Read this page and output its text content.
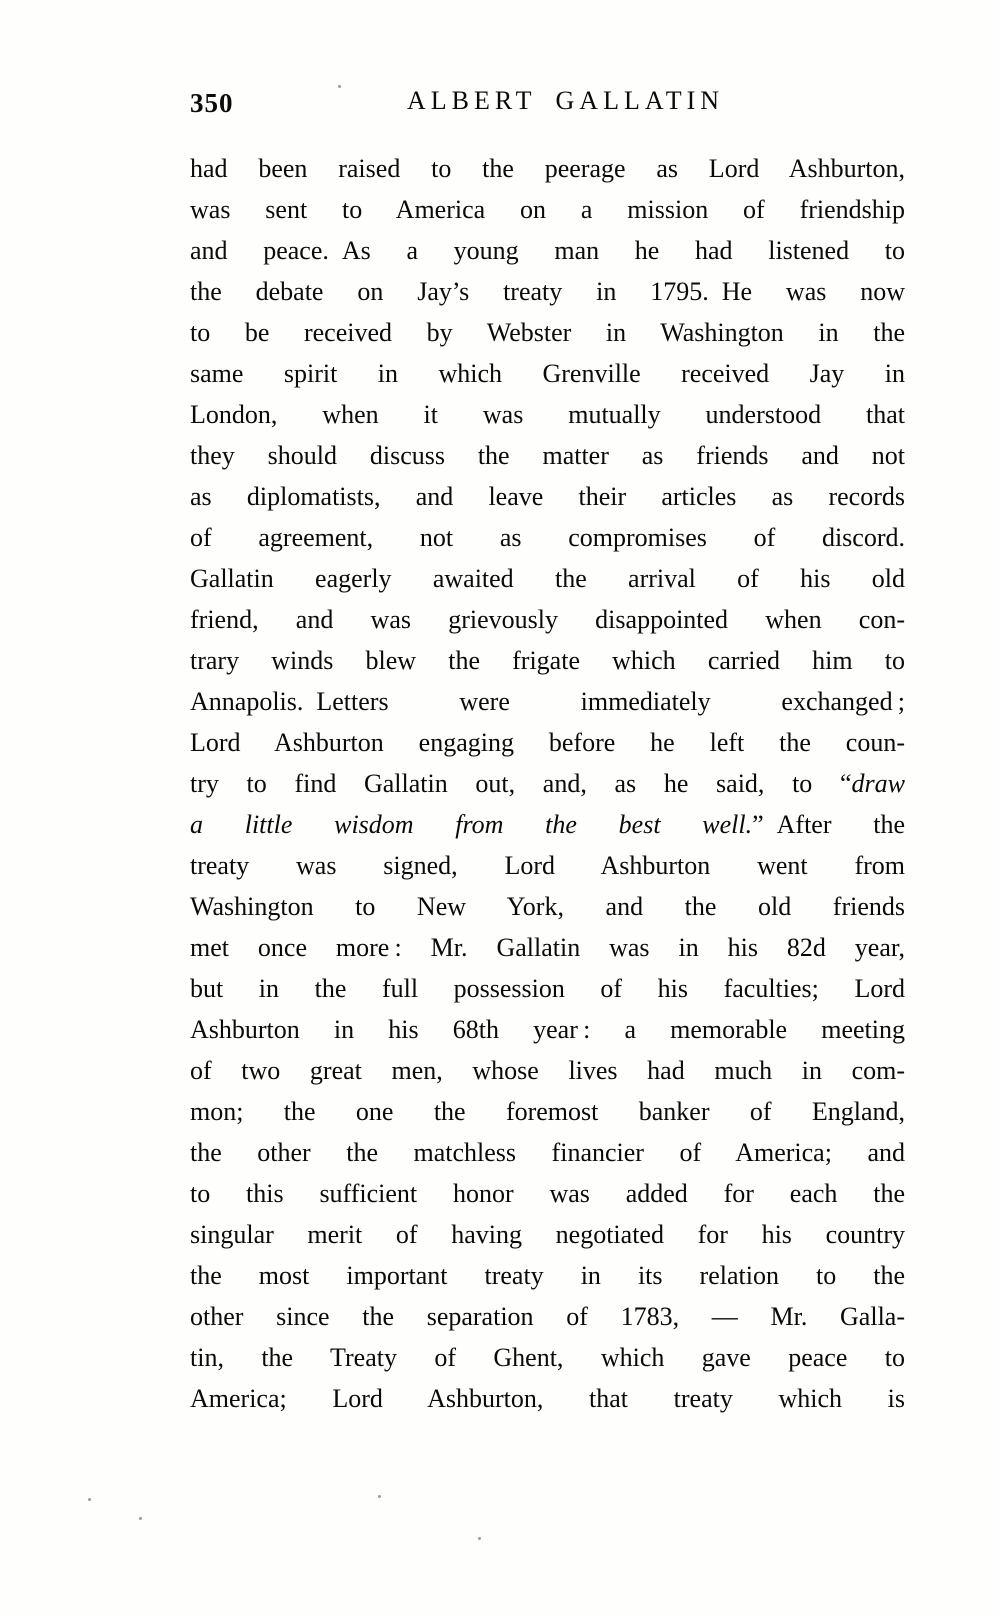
350	ALBERT GALLATIN
had been raised to the peerage as Lord Ashburton,
was sent to America on a mission of friendship
and peace. As a young man he had listened to
the debate on Jay’s treaty in 1795. He was now
to be received by Webster in Washington in the
same spirit in which Grenville received Jay in
London, when it was mutually understood that
they should discuss the matter as friends and not
as diplomatists, and leave their articles as records
of agreement, not as compromises of discord.
Gallatin eagerly awaited the arrival of his old
friend, and was grievously disappointed when con-
trary winds blew the frigate which carried him to
Annapolis. Letters were immediately exchanged ;
Lord Ashburton engaging before he left the coun-
try to find Gallatin out, and, as he said, to “draw
a little wisdom from the best well.” After the
treaty was signed, Lord Ashburton went from
Washington to New York, and the old friends
met once more : Mr. Gallatin was in his 82d year,
but in the full possession of his faculties; Lord
Ashburton in his 68th year : a memorable meeting
of two great men, whose lives had much in com-
mon; the one the foremost banker of England,
the other the matchless financier of America; and
to this sufficient honor was added for each the
singular merit of having negotiated for his country
the most important treaty in its relation to the
other since the separation of 1783, — Mr. Galla-
tin, the Treaty of Ghent, which gave peace to
America; Lord Ashburton, that treaty which is
